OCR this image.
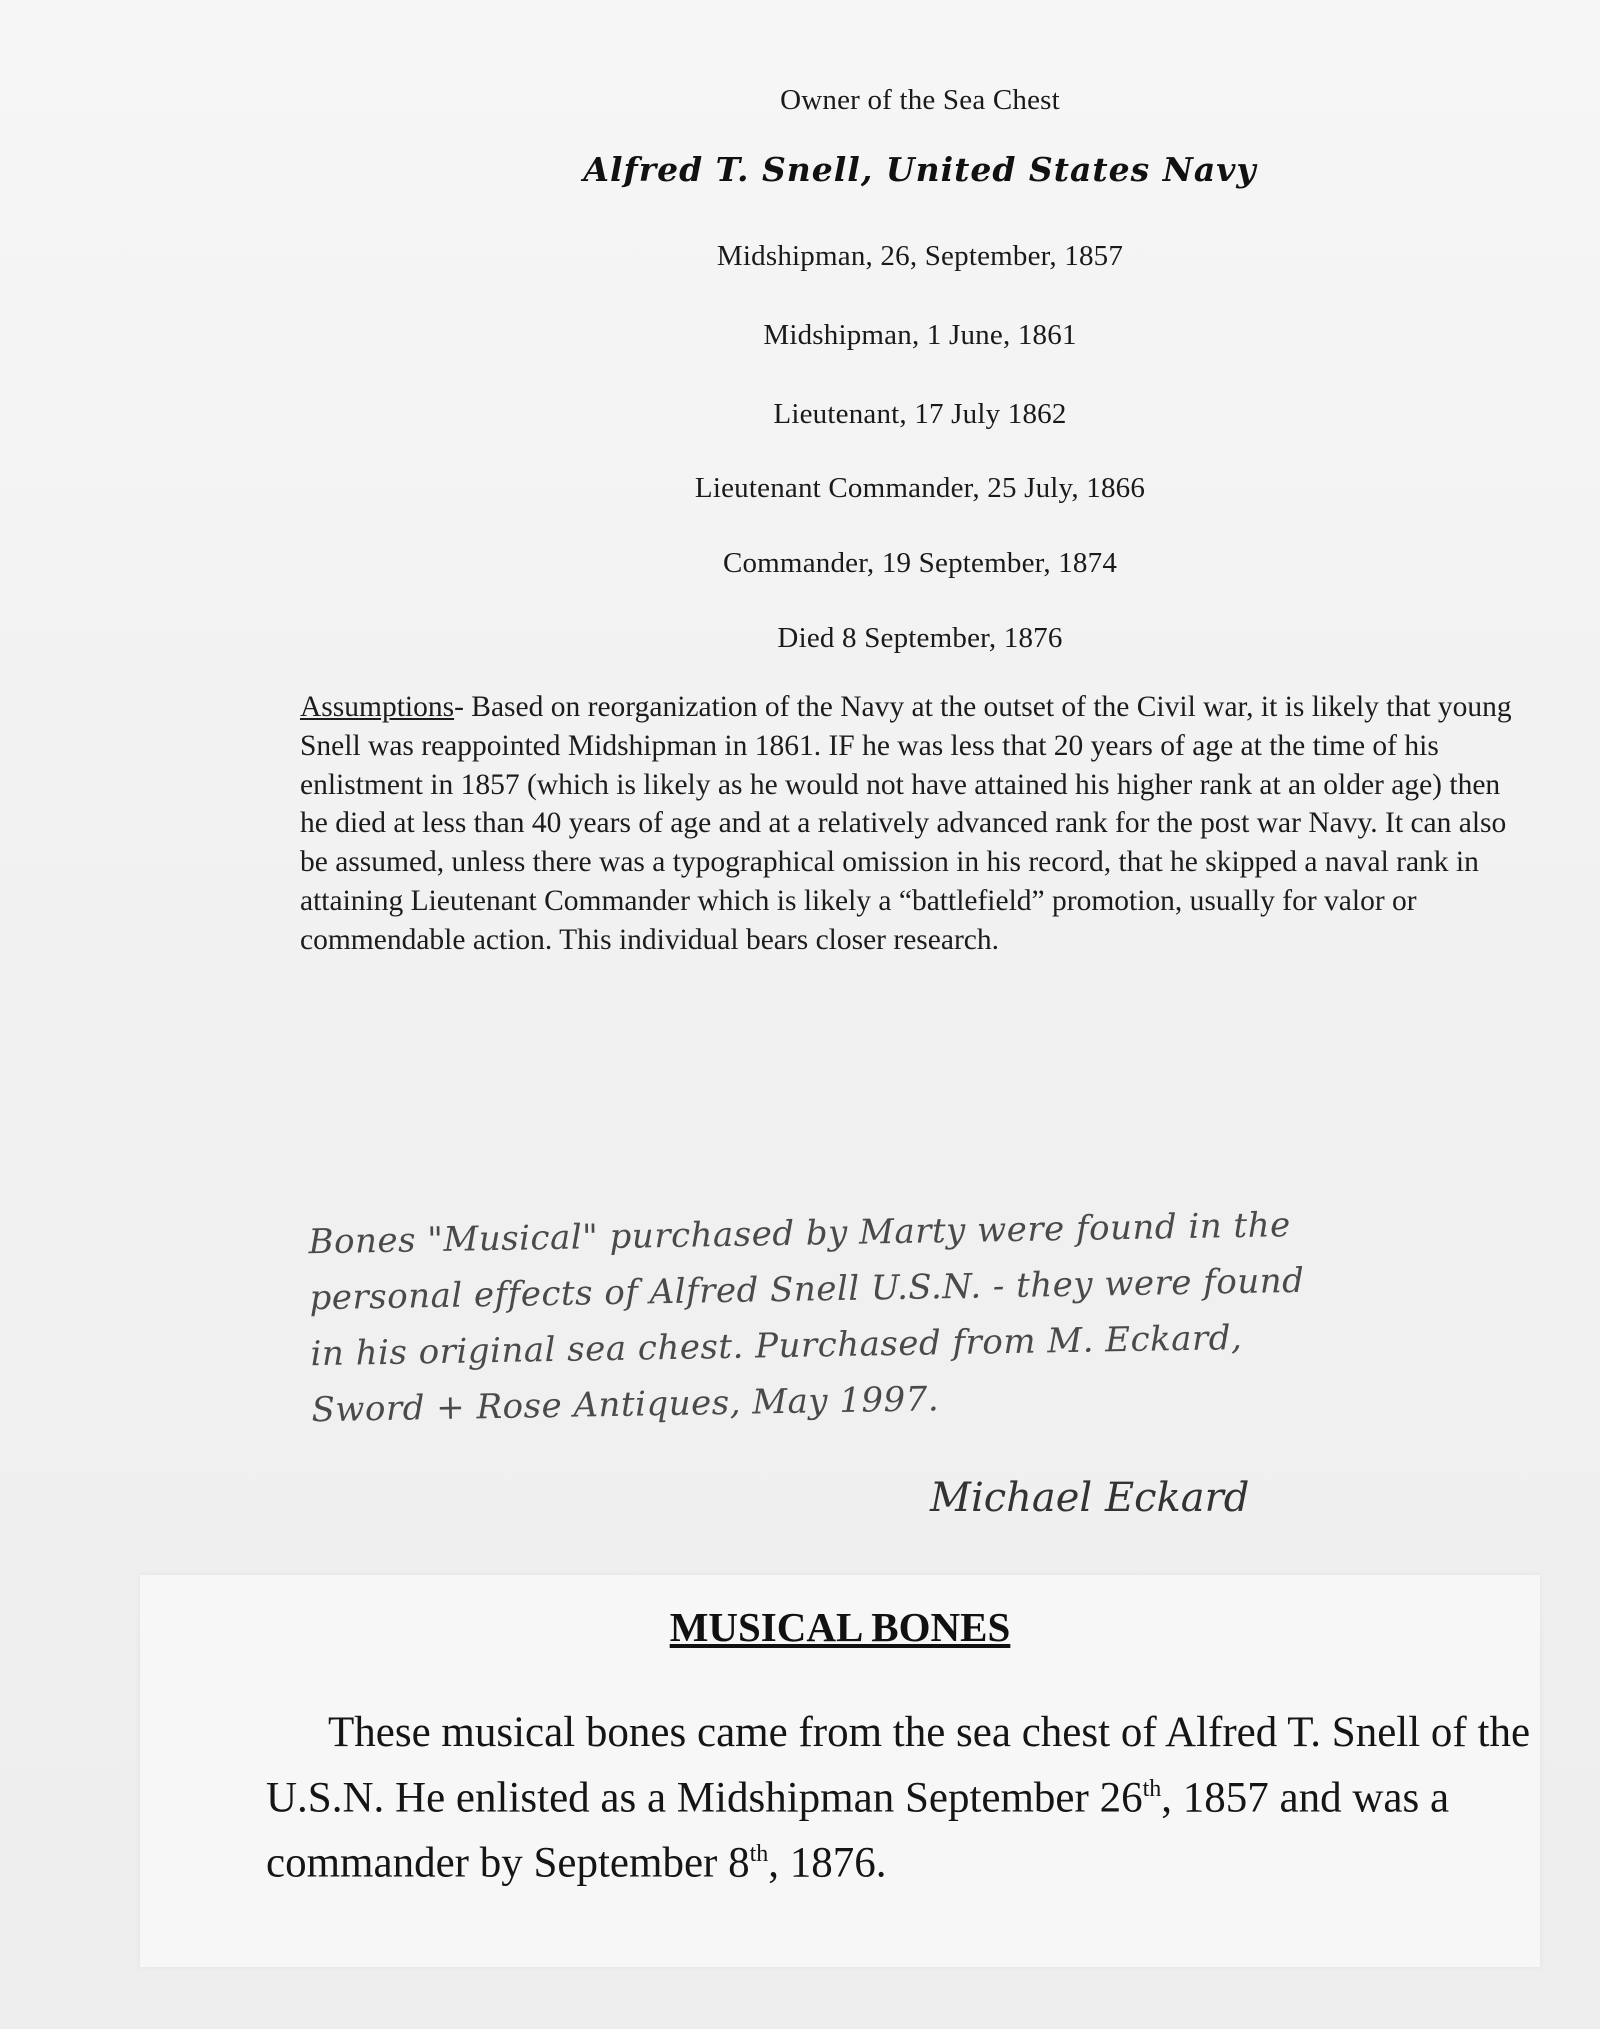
Owner of the Sea Chest
Alfred T. Snell, United States Navy
Midshipman, 26, September, 1857
Midshipman, 1 June, 1861
Lieutenant, 17 July 1862
Lieutenant Commander, 25 July, 1866
Commander, 19 September, 1874
Died 8 September, 1876
Assumptions- Based on reorganization of the Navy at the outset of the Civil war, it is likely that young Snell was reappointed Midshipman in 1861. IF he was less that 20 years of age at the time of his enlistment in 1857 (which is likely as he would not have attained his higher rank at an older age) then he died at less than 40 years of age and at a relatively advanced rank for the post war Navy. It can also be assumed, unless there was a typographical omission in his record, that he skipped a naval rank in attaining Lieutenant Commander which is likely a “battlefield” promotion, usually for valor or commendable action. This individual bears closer research.
Bones "Musical" purchased by Marty were found in the
personal effects of Alfred Snell U.S.N. - they were found
in his original sea chest. Purchased from M. Eckard,
Sword + Rose Antiques, May 1997.
Michael Eckard
MUSICAL BONES
These musical bones came from the sea chest of Alfred T. Snell of the U.S.N. He enlisted as a Midshipman September 26th, 1857 and was a commander by September 8th, 1876.
